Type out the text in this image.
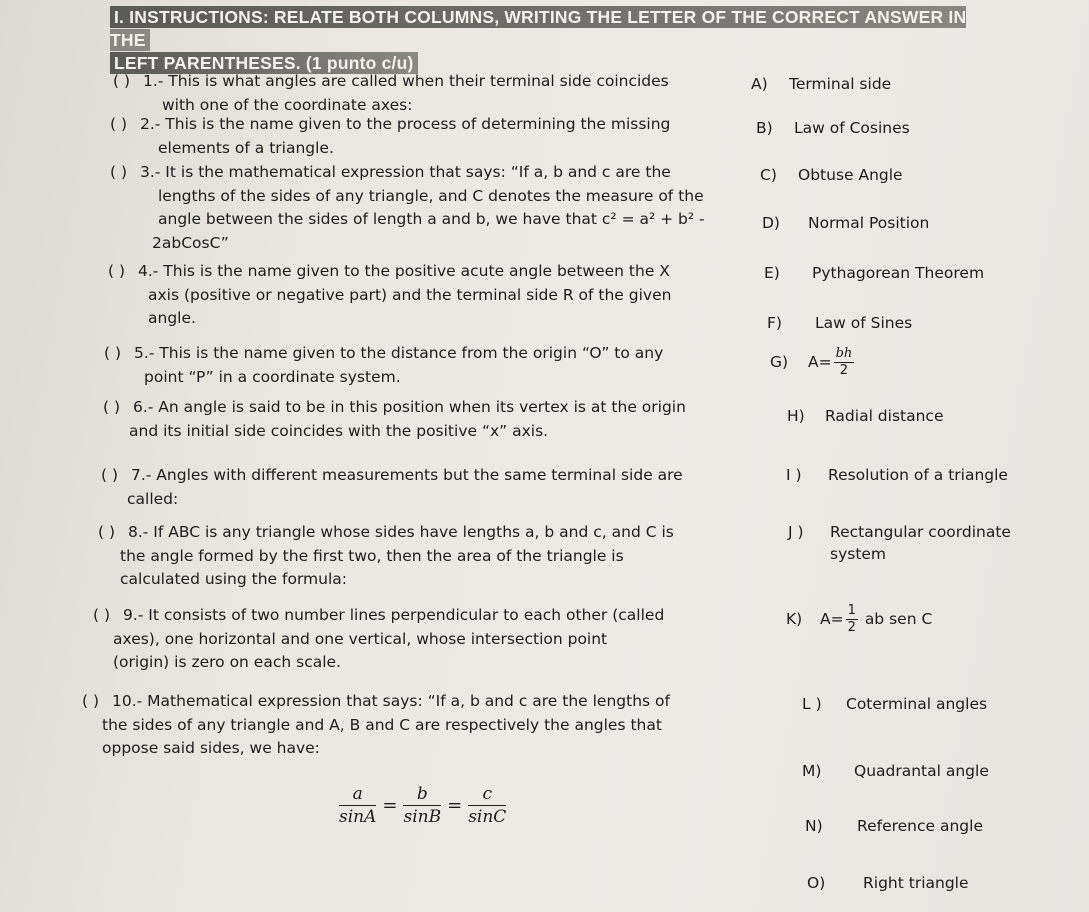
I. INSTRUCTIONS: RELATE BOTH COLUMNS, WRITING THE LETTER OF THE CORRECT ANSWER IN THE
LEFT PARENTHESES. (1 punto c/u)
( ) 1.- This is what angles are called when their terminal side coincides
with one of the coordinate axes:
( ) 2.- This is the name given to the process of determining the missing
elements of a triangle.
( ) 3.- It is the mathematical expression that says: “If a, b and c are the
lengths of the sides of any triangle, and C denotes the measure of the
angle between the sides of length a and b, we have that c² = a² + b² -
2abCosC”
( ) 4.- This is the name given to the positive acute angle between the X
axis (positive or negative part) and the terminal side R of the given
angle.
( ) 5.- This is the name given to the distance from the origin “O” to any
point “P” in a coordinate system.
( ) 6.- An angle is said to be in this position when its vertex is at the origin
and its initial side coincides with the positive “x” axis.
( ) 7.- Angles with different measurements but the same terminal side are
called:
( ) 8.- If ABC is any triangle whose sides have lengths a, b and c, and C is
the angle formed by the first two, then the area of the triangle is
calculated using the formula:
( ) 9.- It consists of two number lines perpendicular to each other (called
axes), one horizontal and one vertical, whose intersection point
(origin) is zero on each scale.
( ) 10.- Mathematical expression that says: “If a, b and c are the lengths of
the sides of any triangle and A, B and C are respectively the angles that
oppose said sides, we have:
$\frac{a}{\sin A} = \frac{b}{\sin B} = \frac{c}{\sin C}$
A) Terminal side
B) Law of Cosines
C) Obtuse Angle
D) Normal Position
E) Pythagorean Theorem
F) Law of Sines
G) $A= \frac{bh}{2}$
H) Radial distance
I ) Resolution of a triangle
J ) Rectangular coordinate
system
K) $A= \frac{1}{2}$ ab sen C
L ) Coterminal angles
M) Quadrantal angle
N) Reference angle
O) Right triangle
